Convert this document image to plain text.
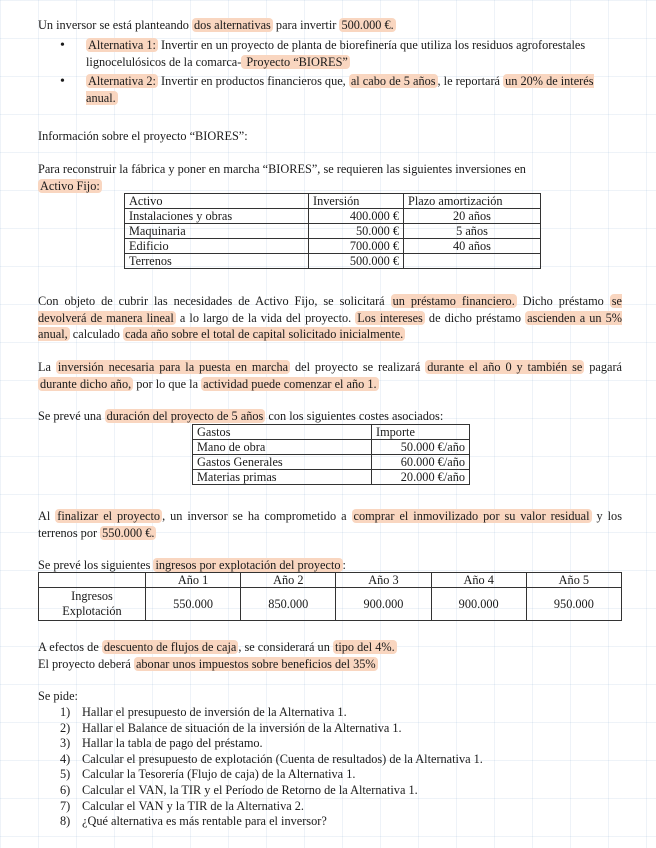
Un inversor se está planteando dos alternativas para invertir 500.000 €.
• Alternativa 1: Invertir en un proyecto de planta de biorefinería que utiliza los residuos agroforestales lignocelulósicos de la comarca- Proyecto “BIORES”
• Alternativa 2: Invertir en productos financieros que, al cabo de 5 años , le reportará un 20% de interés anual.
Información sobre el proyecto “BIORES”:
Para reconstruir la fábrica y poner en marcha “BIORES”, se requieren las siguientes inversiones en
Activo Fijo:
Activo	Inversión	Plazo amortización
Instalaciones y obras	400.000 €	20 años
Maquinaria	50.000 €	5 años
Edificio	700.000 €	40 años
Terrenos	500.000 €	
Con objeto de cubrir las necesidades de Activo Fijo, se solicitará un préstamo financiero. Dicho préstamo se devolverá de manera lineal a lo largo de la vida del proyecto. Los intereses de dicho préstamo ascienden a un 5% anual, calculado cada año sobre el total de capital solicitado inicialmente.
La inversión necesaria para la puesta en marcha del proyecto se realizará durante el año 0 y también se pagará durante dicho año, por lo que la actividad puede comenzar el año 1.
Se prevé una duración del proyecto de 5 años con los siguientes costes asociados:
Gastos	Importe
Mano de obra	50.000 €/año
Gastos Generales	60.000 €/año
Materias primas	20.000 €/año
Al finalizar el proyecto , un inversor se ha comprometido a comprar el inmovilizado por su valor residual y los terrenos por 550.000 €.
Se prevé los siguientes ingresos por explotación del proyecto :
	Año 1	Año 2	Año 3	Año 4	Año 5
Ingresos Explotación	550.000	850.000	900.000	900.000	950.000
A efectos de descuento de flujos de caja , se considerará un tipo del 4%.
El proyecto deberá abonar unos impuestos sobre beneficios del 35%
Se pide:
1) Hallar el presupuesto de inversión de la Alternativa 1.
2) Hallar el Balance de situación de la inversión de la Alternativa 1.
3) Hallar la tabla de pago del préstamo.
4) Calcular el presupuesto de explotación (Cuenta de resultados) de la Alternativa 1.
5) Calcular la Tesorería (Flujo de caja) de la Alternativa 1.
6) Calcular el VAN, la TIR y el Período de Retorno de la Alternativa 1.
7) Calcular el VAN y la TIR de la Alternativa 2.
8) ¿Qué alternativa es más rentable para el inversor?
